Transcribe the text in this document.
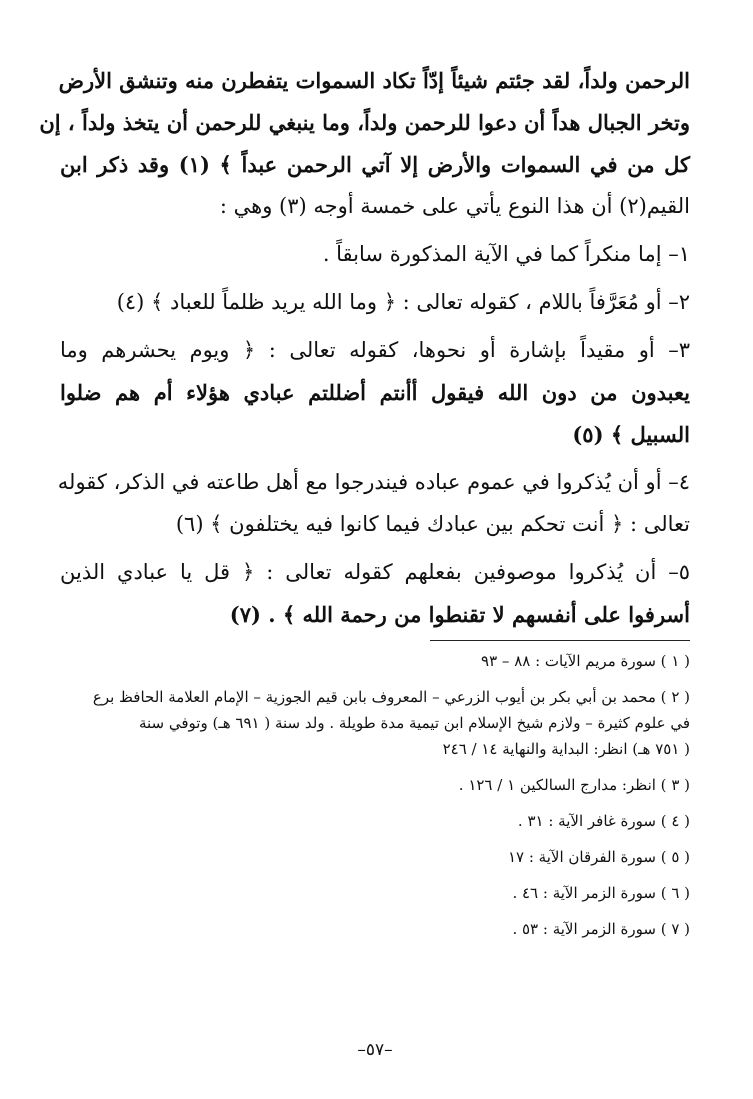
الرحمن ولداً، لقد جئتم شيئاً إدّاً تكاد السموات يتفطرن منه وتنشق الأرض
وتخر الجبال هداً أن دعوا للرحمن ولداً، وما ينبغي للرحمن أن يتخذ ولداً ، إن
كل من في السموات والأرض إلا آتي الرحمن عبداً ﴾ (١) وقد ذكر ابن
القيم(٢) أن هذا النوع يأتي على خمسة أوجه (٣) وهي :
١– إما منكراً كما في الآية المذكورة سابقاً .
٢– أو مُعَرَّفاً باللام ، كقوله تعالى : ﴿ وما الله يريد ظلماً للعباد ﴾ (٤)
٣– أو مقيداً بإشارة أو نحوها، كقوله تعالى : ﴿ ويوم يحشرهم وما
يعبدون من دون الله فيقول أأنتم أضللتم عبادي هؤلاء أم هم ضلوا
السبيل ﴾ (٥)
٤– أو أن يُذكروا في عموم عباده فيندرجوا مع أهل طاعته في الذكر، كقوله
تعالى : ﴿ أنت تحكم بين عبادك فيما كانوا فيه يختلفون ﴾ (٦)
٥– أن يُذكروا موصوفين بفعلهم كقوله تعالى : ﴿ قل يا عبادي الذين
أسرفوا على أنفسهم لا تقنطوا من رحمة الله ﴾ . (٧)
( ١ ) سورة مريم الآيات : ٨٨ – ٩٣
( ٢ ) محمد بن أبي بكر بن أيوب الزرعي – المعروف بابن قيم الجوزية – الإمام العلامة الحافظ برع
في علوم كثيرة – ولازم شيخ الإسلام ابن تيمية مدة طويلة . ولد سنة ( ٦٩١ هـ) وتوفي سنة
( ٧٥١ هـ) انظر: البداية والنهاية ١٤ / ٢٤٦
( ٣ ) انظر: مدارج السالكين ١ / ١٢٦ .
( ٤ ) سورة غافر الآية : ٣١ .
( ٥ ) سورة الفرقان الآية : ١٧
( ٦ ) سورة الزمر الآية : ٤٦ .
( ٧ ) سورة الزمر الآية : ٥٣ .
–٥٧–
